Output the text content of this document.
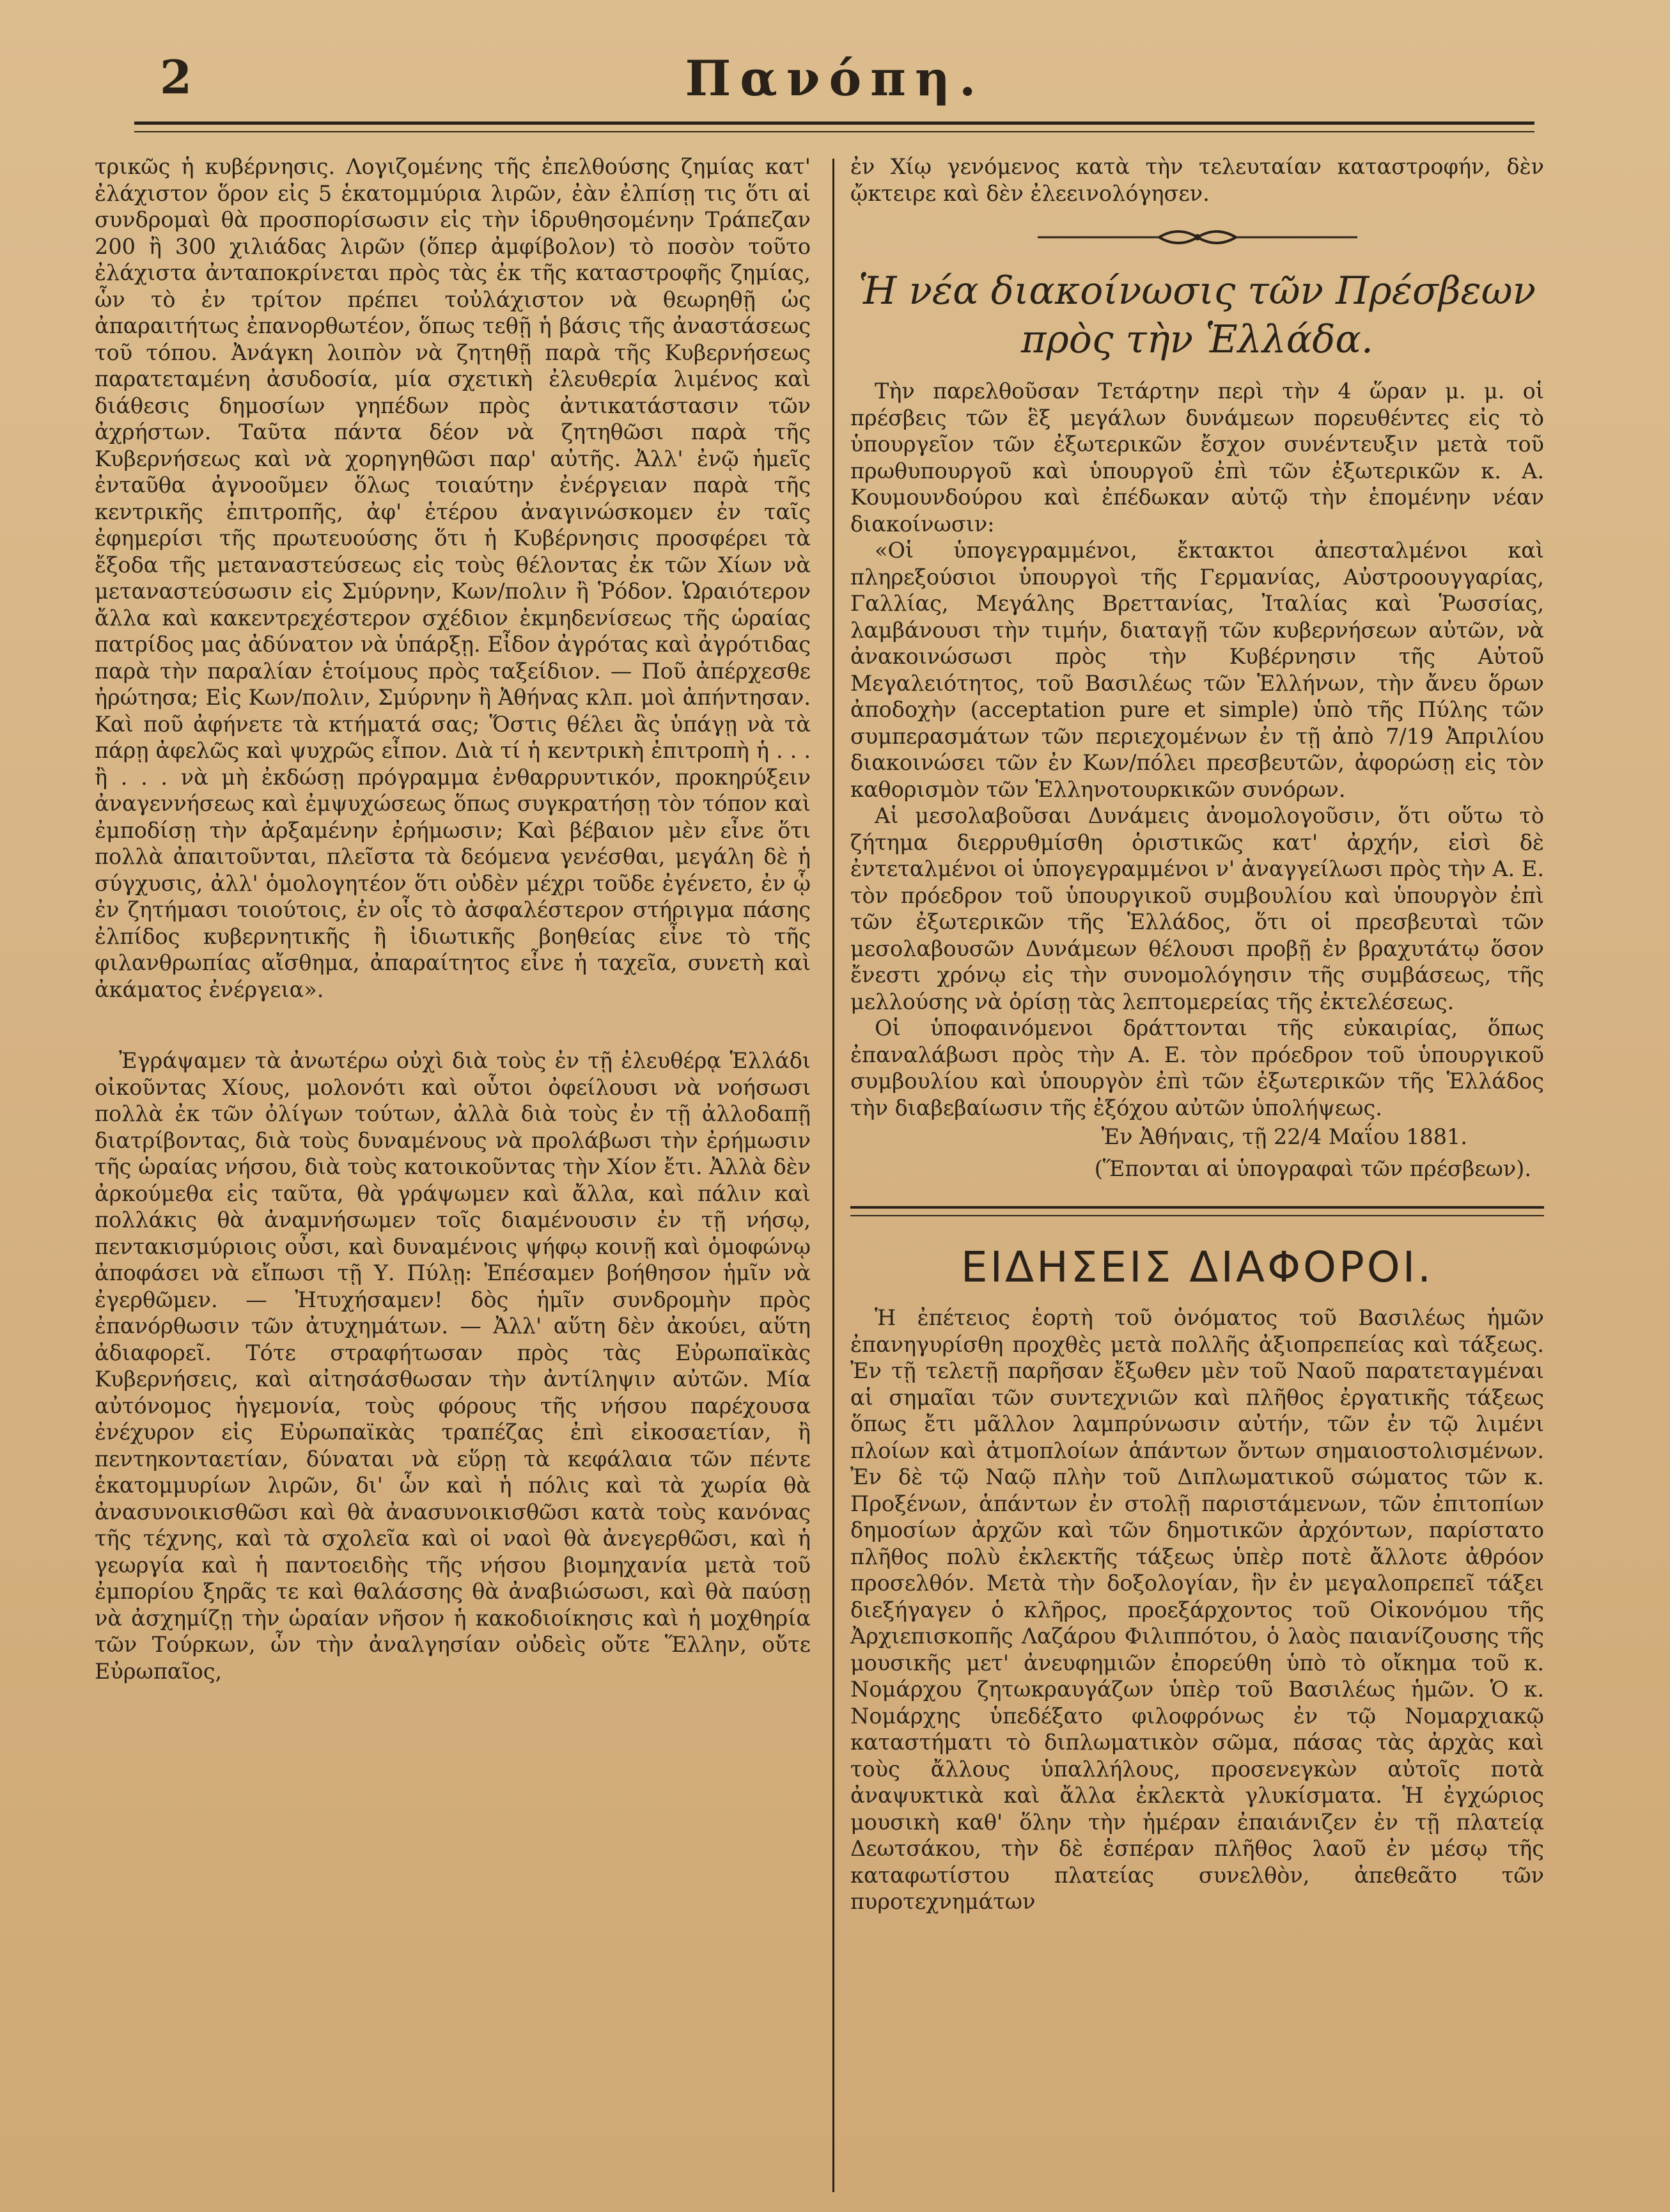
2	Πανόπη.

τρικῶς ἡ κυβέρνησις. Λογιζομένης τῆς ἐπελθούσης ζημίας κατ' ἐλάχιστον ὅρον εἰς 5 ἑκατομμύρια λιρῶν, ἐὰν ἐλπίσῃ τις ὅτι αἱ συνδρομαὶ θὰ προσπορίσωσιν εἰς τὴν ἱδρυθησομένην Τράπεζαν 200 ἢ 300 χιλιάδας λιρῶν (ὅπερ ἀμφίβολον) τὸ ποσὸν τοῦτο ἐλάχιστα ἀνταποκρίνεται πρὸς τὰς ἐκ τῆς καταστροφῆς ζημίας, ὧν τὸ ἐν τρίτον πρέπει τοὐλάχιστον νὰ θεωρηθῇ ὡς ἀπαραιτήτως ἐπανορθωτέον, ὅπως τεθῇ ἡ βάσις τῆς ἀναστάσεως τοῦ τόπου. Ἀνάγκη λοιπὸν νὰ ζητηθῇ παρὰ τῆς Κυβερνήσεως παρατεταμένη ἀσυδοσία, μία σχετικὴ ἐλευθερία λιμένος καὶ διάθεσις δημοσίων γηπέδων πρὸς ἀντικατάστασιν τῶν ἀχρήστων. Ταῦτα πάντα δέον νὰ ζητηθῶσι παρὰ τῆς Κυβερνήσεως καὶ νὰ χορηγηθῶσι παρ' αὐτῆς. Ἀλλ' ἐνῷ ἡμεῖς ἐνταῦθα ἀγνοοῦμεν ὅλως τοιαύτην ἐνέργειαν παρὰ τῆς κεντρικῆς ἐπιτροπῆς, ἀφ' ἑτέρου ἀναγινώσκομεν ἐν ταῖς ἐφημερίσι τῆς πρωτευούσης ὅτι ἡ Κυβέρνησις προσφέρει τὰ ἔξοδα τῆς μεταναστεύσεως εἰς τοὺς θέλοντας ἐκ τῶν Χίων νὰ μεταναστεύσωσιν εἰς Σμύρνην, Κων/πολιν ἢ Ῥόδον. Ὡραιότερον ἄλλα καὶ κακεντρεχέστερον σχέδιον ἐκμηδενίσεως τῆς ὡραίας πατρίδος μας ἀδύνατον νὰ ὑπάρξῃ. Εἶδον ἀγρότας καὶ ἀγρότιδας παρὰ τὴν παραλίαν ἑτοίμους πρὸς ταξείδιον. — Ποῦ ἀπέρχεσθε ἠρώτησα; Εἰς Κων/πολιν, Σμύρνην ἢ Ἀθήνας κλπ. μοὶ ἀπήντησαν. Καὶ ποῦ ἀφήνετε τὰ κτήματά σας; Ὅστις θέλει ἂς ὑπάγῃ νὰ τὰ πάρῃ ἀφελῶς καὶ ψυχρῶς εἶπον. Διὰ τί ἡ κεντρικὴ ἐπιτροπὴ ἡ . . . ἢ . . . νὰ μὴ ἐκδώσῃ πρόγραμμα ἐνθαρρυντικόν, προκηρύξειν ἀναγεννήσεως καὶ ἐμψυχώσεως ὅπως συγκρατήσῃ τὸν τόπον καὶ ἐμποδίσῃ τὴν ἀρξαμένην ἐρήμωσιν; Καὶ βέβαιον μὲν εἶνε ὅτι πολλὰ ἀπαιτοῦνται, πλεῖστα τὰ δεόμενα γενέσθαι, μεγάλη δὲ ἡ σύγχυσις, ἀλλ' ὁμολογητέον ὅτι οὐδὲν μέχρι τοῦδε ἐγένετο, ἐν ᾧ ἐν ζητήμασι τοιούτοις, ἐν οἷς τὸ ἀσφαλέστερον στήριγμα πάσης ἐλπίδος κυβερνητικῆς ἢ ἰδιωτικῆς βοηθείας εἶνε τὸ τῆς φιλανθρωπίας αἴσθημα, ἀπαραίτητος εἶνε ἡ ταχεῖα, συνετὴ καὶ ἀκάματος ἐνέργεια».

Ἐγράψαμεν τὰ ἀνωτέρω οὐχὶ διὰ τοὺς ἐν τῇ ἐλευθέρᾳ Ἑλλάδι οἰκοῦντας Χίους, μολονότι καὶ οὗτοι ὀφείλουσι νὰ νοήσωσι πολλὰ ἐκ τῶν ὀλίγων τούτων, ἀλλὰ διὰ τοὺς ἐν τῇ ἀλλοδαπῇ διατρίβοντας, διὰ τοὺς δυναμένους νὰ προλάβωσι τὴν ἐρήμωσιν τῆς ὡραίας νήσου, διὰ τοὺς κατοικοῦντας τὴν Χίον ἔτι. Ἀλλὰ δὲν ἀρκούμεθα εἰς ταῦτα, θὰ γράψωμεν καὶ ἄλλα, καὶ πάλιν καὶ πολλάκις θὰ ἀναμνήσωμεν τοῖς διαμένουσιν ἐν τῇ νήσῳ, πεντακισμύριοις οὖσι, καὶ δυναμένοις ψήφῳ κοινῇ καὶ ὁμοφώνῳ ἀποφάσει νὰ εἴπωσι τῇ Υ. Πύλῃ: Ἐπέσαμεν βοήθησον ἡμῖν νὰ ἐγερθῶμεν. — Ἠτυχήσαμεν! δὸς ἡμῖν συνδρομὴν πρὸς ἐπανόρθωσιν τῶν ἀτυχημάτων. — Ἀλλ' αὕτη δὲν ἀκούει, αὕτη ἀδιαφορεῖ. Τότε στραφήτωσαν πρὸς τὰς Εὐρωπαϊκὰς Κυβερνήσεις, καὶ αἰτησάσθωσαν τὴν ἀντίληψιν αὐτῶν. Μία αὐτόνομος ἡγεμονία, τοὺς φόρους τῆς νήσου παρέχουσα ἐνέχυρον εἰς Εὐρωπαϊκὰς τραπέζας ἐπὶ εἰκοσαετίαν, ἢ πεντηκονταετίαν, δύναται νὰ εὕρῃ τὰ κεφάλαια τῶν πέντε ἑκατομμυρίων λιρῶν, δι' ὧν καὶ ἡ πόλις καὶ τὰ χωρία θὰ ἀνασυνοικισθῶσι καὶ θὰ ἀνασυνοικισθῶσι κατὰ τοὺς κανόνας τῆς τέχνης, καὶ τὰ σχολεῖα καὶ οἱ ναοὶ θὰ ἀνεγερθῶσι, καὶ ἡ γεωργία καὶ ἡ παντοειδὴς τῆς νήσου βιομηχανία μετὰ τοῦ ἐμπορίου ξηρᾶς τε καὶ θαλάσσης θὰ ἀναβιώσωσι, καὶ θὰ παύσῃ νὰ ἀσχημίζῃ τὴν ὡραίαν νῆσον ἡ κακοδιοίκησις καὶ ἡ μοχθηρία τῶν Τούρκων, ὧν τὴν ἀναλγησίαν οὐδεὶς οὔτε Ἕλλην, οὔτε Εὐρωπαῖος,

ἐν Χίῳ γενόμενος κατὰ τὴν τελευταίαν καταστροφήν, δὲν ᾤκτειρε καὶ δὲν ἐλεεινολόγησεν.

Ἡ νέα διακοίνωσις τῶν Πρέσβεων πρὸς τὴν Ἑλλάδα.

Τὴν παρελθοῦσαν Τετάρτην περὶ τὴν 4 ὥραν μ. μ. οἱ πρέσβεις τῶν ἓξ μεγάλων δυνάμεων πορευθέντες εἰς τὸ ὑπουργεῖον τῶν ἐξωτερικῶν ἔσχον συνέντευξιν μετὰ τοῦ πρωθυπουργοῦ καὶ ὑπουργοῦ ἐπὶ τῶν ἐξωτερικῶν κ. Α. Κουμουνδούρου καὶ ἐπέδωκαν αὐτῷ τὴν ἑπομένην νέαν διακοίνωσιν:

«Οἱ ὑπογεγραμμένοι, ἔκτακτοι ἀπεσταλμένοι καὶ πληρεξούσιοι ὑπουργοὶ τῆς Γερμανίας, Αὐστροουγγαρίας, Γαλλίας, Μεγάλης Βρεττανίας, Ἰταλίας καὶ Ῥωσσίας, λαμβάνουσι τὴν τιμήν, διαταγῇ τῶν κυβερνήσεων αὐτῶν, νὰ ἀνακοινώσωσι πρὸς τὴν Κυβέρνησιν τῆς Αὐτοῦ Μεγαλειότητος, τοῦ Βασιλέως τῶν Ἑλλήνων, τὴν ἄνευ ὅρων ἀποδοχὴν (acceptation pure et simple) ὑπὸ τῆς Πύλης τῶν συμπερασμάτων τῶν περιεχομένων ἐν τῇ ἀπὸ 7/19 Ἀπριλίου διακοινώσει τῶν ἐν Κων/πόλει πρεσβευτῶν, ἀφορώσῃ εἰς τὸν καθορισμὸν τῶν Ἑλληνοτουρκικῶν συνόρων.

Αἱ μεσολαβοῦσαι Δυνάμεις ἀνομολογοῦσιν, ὅτι οὕτω τὸ ζήτημα διερρυθμίσθη ὁριστικῶς κατ' ἀρχήν, εἰσὶ δὲ ἐντεταλμένοι οἱ ὑπογεγραμμένοι ν' ἀναγγείλωσι πρὸς τὴν Α. Ε. τὸν πρόεδρον τοῦ ὑπουργικοῦ συμβουλίου καὶ ὑπουργὸν ἐπὶ τῶν ἐξωτερικῶν τῆς Ἑλλάδος, ὅτι οἱ πρεσβευταὶ τῶν μεσολαβουσῶν Δυνάμεων θέλουσι προβῇ ἐν βραχυτάτῳ ὅσον ἔνεστι χρόνῳ εἰς τὴν συνομολόγησιν τῆς συμβάσεως, τῆς μελλούσης νὰ ὁρίσῃ τὰς λεπτομερείας τῆς ἐκτελέσεως.

Οἱ ὑποφαινόμενοι δράττονται τῆς εὐκαιρίας, ὅπως ἐπαναλάβωσι πρὸς τὴν Α. Ε. τὸν πρόεδρον τοῦ ὑπουργικοῦ συμβουλίου καὶ ὑπουργὸν ἐπὶ τῶν ἐξωτερικῶν τῆς Ἑλλάδος τὴν διαβεβαίωσιν τῆς ἐξόχου αὐτῶν ὑπολήψεως.

Ἐν Ἀθήναις, τῇ 22/4 Μαΐου 1881.
(Ἕπονται αἱ ὑπογραφαὶ τῶν πρέσβεων).
ΕΙΔΗΣΕΙΣ ΔΙΑΦΟΡΟΙ.

Ἡ ἐπέτειος ἑορτὴ τοῦ ὀνόματος τοῦ Βασιλέως ἡμῶν ἐπανηγυρίσθη προχθὲς μετὰ πολλῆς ἀξιοπρεπείας καὶ τάξεως. Ἐν τῇ τελετῇ παρῆσαν ἔξωθεν μὲν τοῦ Ναοῦ παρατεταγμέναι αἱ σημαῖαι τῶν συντεχνιῶν καὶ πλῆθος ἐργατικῆς τάξεως ὅπως ἔτι μᾶλλον λαμπρύνωσιν αὐτήν, τῶν ἐν τῷ λιμένι πλοίων καὶ ἀτμοπλοίων ἁπάντων ὄντων σημαιοστολισμένων. Ἐν δὲ τῷ Ναῷ πλὴν τοῦ Διπλωματικοῦ σώματος τῶν κ. Προξένων, ἁπάντων ἐν στολῇ παριστάμενων, τῶν ἐπιτοπίων δημοσίων ἀρχῶν καὶ τῶν δημοτικῶν ἀρχόντων, παρίστατο πλῆθος πολὺ ἐκλεκτῆς τάξεως ὑπὲρ ποτὲ ἄλλοτε ἀθρόον προσελθόν. Μετὰ τὴν δοξολογίαν, ἣν ἐν μεγαλοπρεπεῖ τάξει διεξήγαγεν ὁ κλῆρος, προεξάρχοντος τοῦ Οἰκονόμου τῆς Ἀρχιεπισκοπῆς Λαζάρου Φιλιππότου, ὁ λαὸς παιανίζουσης τῆς μουσικῆς μετ' ἀνευφημιῶν ἐπορεύθη ὑπὸ τὸ οἴκημα τοῦ κ. Νομάρχου ζητωκραυγάζων ὑπὲρ τοῦ Βασιλέως ἡμῶν. Ὁ κ. Νομάρχης ὑπεδέξατο φιλοφρόνως ἐν τῷ Νομαρχιακῷ καταστήματι τὸ διπλωματικὸν σῶμα, πάσας τὰς ἀρχὰς καὶ τοὺς ἄλλους ὑπαλλήλους, προσενεγκὼν αὐτοῖς ποτὰ ἀναψυκτικὰ καὶ ἄλλα ἐκλεκτὰ γλυκίσματα. Ἡ ἐγχώριος μουσικὴ καθ' ὅλην τὴν ἡμέραν ἐπαιάνιζεν ἐν τῇ πλατείᾳ Δεωτσάκου, τὴν δὲ ἑσπέραν πλῆθος λαοῦ ἐν μέσῳ τῆς καταφωτίστου πλατείας συνελθὸν, ἀπεθεᾶτο τῶν πυροτεχνημάτων
